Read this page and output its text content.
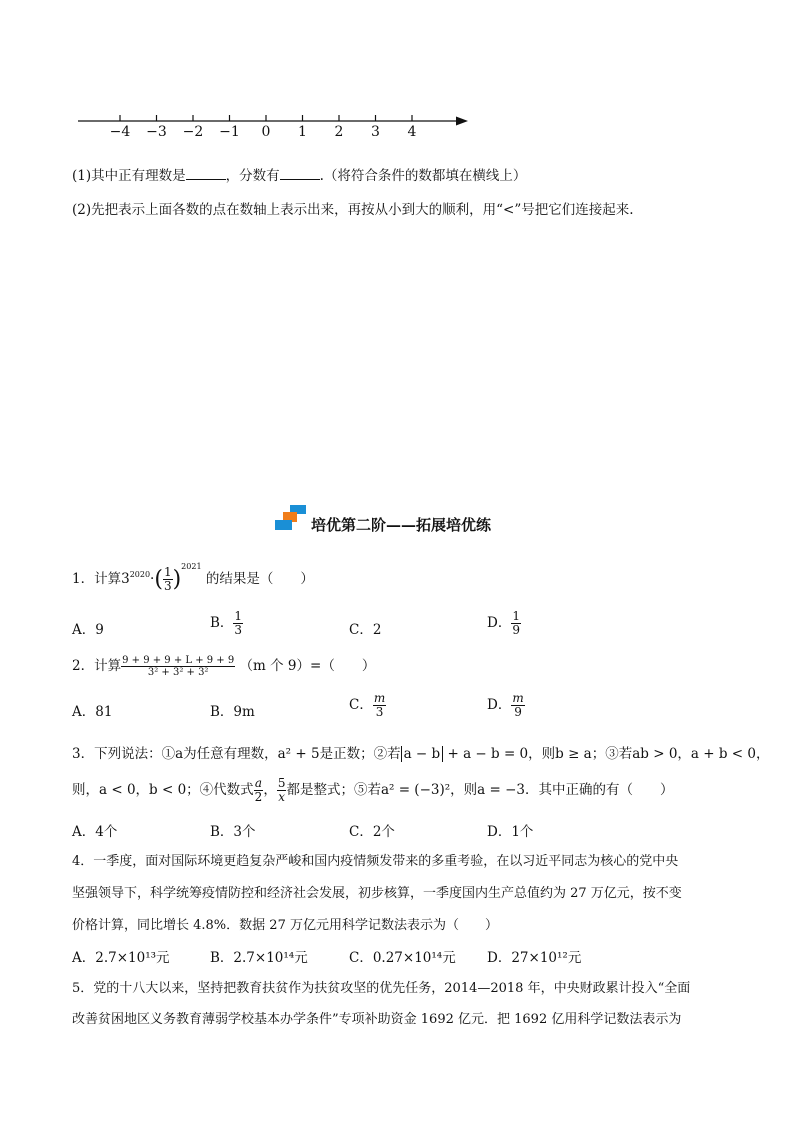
−4	−3	−2	−1	0	1	2	3	4
(1)其中正有理数是	，分数有	.（将符合条件的数都填在横线上）
(2)先把表示上面各数的点在数轴上表示出来，再按从小到大的顺利，用“<”号把它们连接起来.
培优第二阶——拓展培优练
1．计算$3^{2020}\cdot( \frac{1}{3} )^{2021}$ 的结果是（　　）
A．9	B． $\frac{1}{3}$	C．2	D． $\frac{1}{9}$
2．计算 $\frac{9 + 9 + 9 + L + 9 + 9}{\text{3² + 3² + 3²}} (m$ 个 9）=（　　）
A．81	B．9m	C． $\frac{m}{3}$	D． $\frac{m}{9}$
3．下列说法：①a为任意有理数，a² + 5是正数；②若 a − b + a − b = 0，则b ≥ a；③若ab > 0，a + b < 0，
则，a < 0，b < 0；④代数式 $\frac{a}{2}$ ， $\frac{5}{x}$ 都是整式；⑤若a² = (−3)²，则a = −3．其中正确的有（　　）
A．4个	B．3个	C．2个	D．1个
4．一季度，面对国际环境更趋复杂严峻和国内疫情频发带来的多重考验，在以习近平同志为核心的党中央
坚强领导下，科学统筹疫情防控和经济社会发展，初步核算，一季度国内生产总值约为 27 万亿元，按不变
价格计算，同比增长 4.8%．数据 27 万亿元用科学记数法表示为（　　）
A．2.7×10¹³元	B．2.7×10¹⁴元	C．0.27×10¹⁴元 D．27×10¹²元
5．党的十八大以来，坚持把教育扶贫作为扶贫攻坚的优先任务，2014—2018 年，中央财政累计投入“全面
改善贫困地区义务教育薄弱学校基本办学条件”专项补助资金 1692 亿元．把 1692 亿用科学记数法表示为
